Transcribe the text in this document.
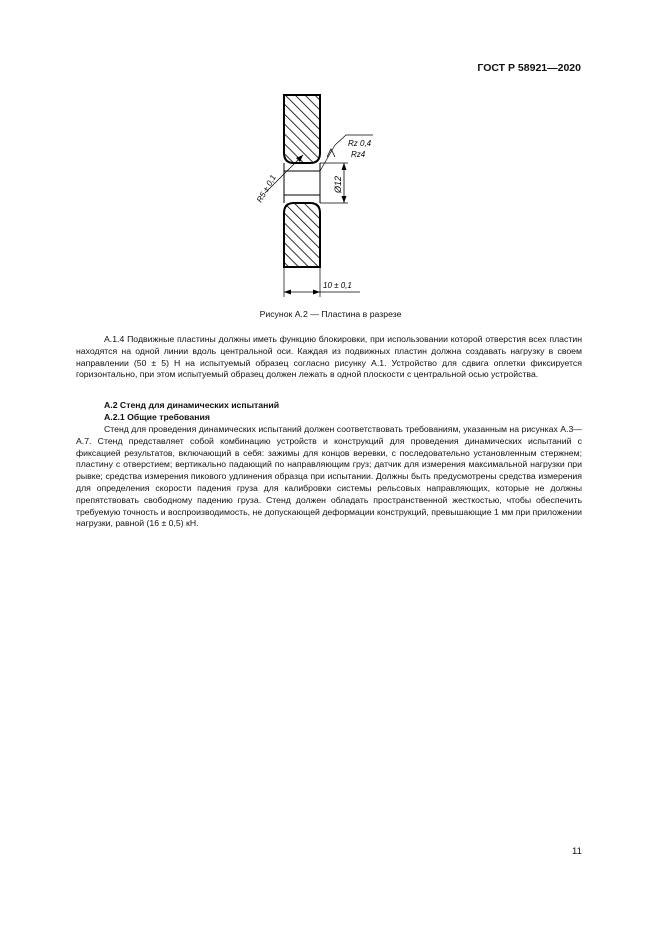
ГОСТ Р 58921—2020
Ø12
Rz 0,4
Rz4
R5 ± 0,1
10 ± 0,1
Рисунок А.2 — Пластина в разрезе

А.1.4 Подвижные пластины должны иметь функцию блокировки, при использовании которой отверстия всех пластин находятся на одной линии вдоль центральной оси. Каждая из подвижных пластин должна создавать нагрузку в своем направлении (50 ± 5) Н на испытуемый образец согласно рисунку А.1. Устройство для сдвига оплетки фиксируется горизонтально, при этом испытуемый образец должен лежать в одной плоскости с центральной осью устройства.

А.2 Стенд для динамических испытаний
А.2.1 Общие требования

Стенд для проведения динамических испытаний должен соответствовать требованиям, указанным на рисунках А.3—А.7. Стенд представляет собой комбинацию устройств и конструкций для проведения динамических испытаний с фиксацией результатов, включающий в себя: зажимы для концов веревки, с последовательно установленным стержнем; пластину с отверстием; вертикально падающий по направляющим груз; датчик для измерения максимальной нагрузки при рывке; средства измерения пикового удлинения образца при испытании. Должны быть предусмотрены средства измерения для определения скорости падения груза для калибровки системы рельсовых направляющих, которые не должны препятствовать свободному падению груза. Стенд должен обладать пространственной жесткостью, чтобы обеспечить требуемую точность и воспроизводимость, не допускающей деформации конструкций, превышающие 1 мм при приложении нагрузки, равной (16 ± 0,5) кН.

11
